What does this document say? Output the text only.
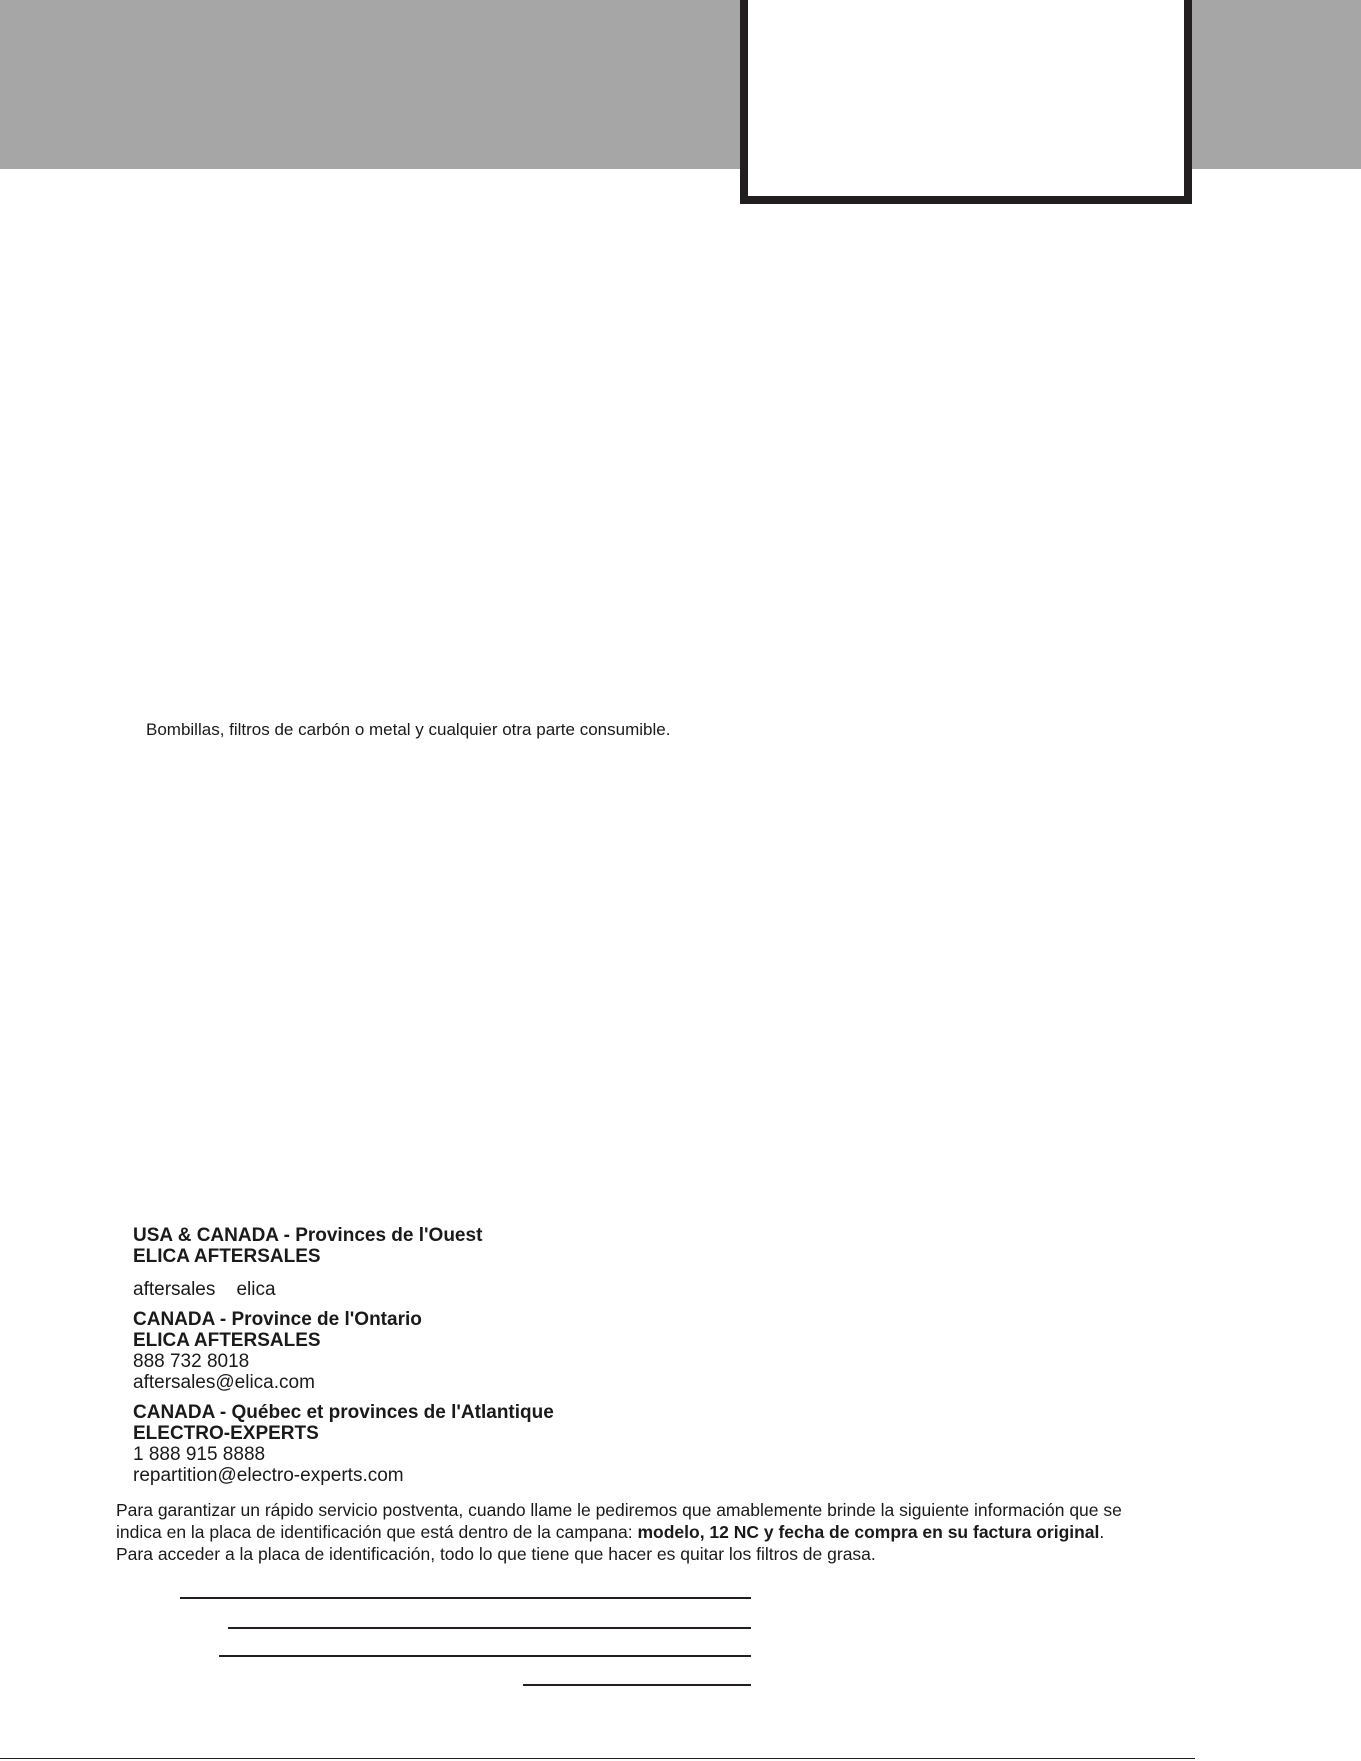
Bombillas, filtros de carbón o metal y cualquier otra parte consumible.
USA & CANADA - Provinces de l'Ouest
ELICA AFTERSALES
aftersales    elica
CANADA - Province de l'Ontario
ELICA AFTERSALES
888 732 8018
aftersales@elica.com
CANADA - Québec et provinces de l'Atlantique
ELECTRO-EXPERTS
1 888 915 8888
repartition@electro-experts.com
Para garantizar un rápido servicio postventa, cuando llame le pediremos que amablemente brinde la siguiente información que se
indica en la placa de identificación que está dentro de la campana: modelo, 12 NC y fecha de compra en su factura original.
Para acceder a la placa de identificación, todo lo que tiene que hacer es quitar los filtros de grasa.
